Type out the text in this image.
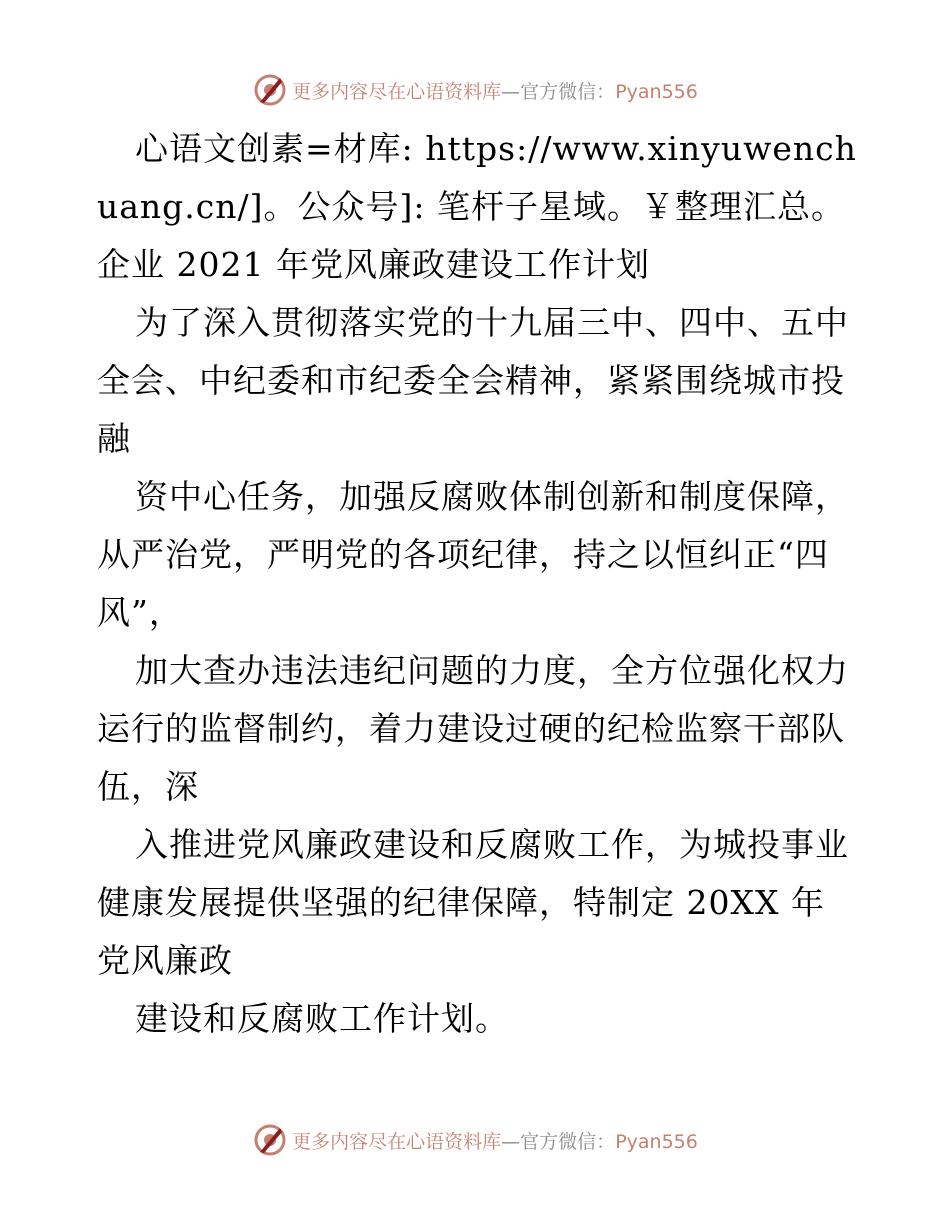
更多内容尽在心语资料库—官方微信：Pyan556

心语文创素=材库: https://www.xinyuwenchuang.cn/]。公众号]: 笔杆子星域。￥整理汇总。企业 2021 年党风廉政建设工作计划

为了深入贯彻落实党的十九届三中、四中、五中全会、中纪委和市纪委全会精神，紧紧围绕城市投融

资中心任务，加强反腐败体制创新和制度保障，从严治党，严明党的各项纪律，持之以恒纠正“四风”，

加大查办违法违纪问题的力度，全方位强化权力运行的监督制约，着力建设过硬的纪检监察干部队伍，深

入推进党风廉政建设和反腐败工作，为城投事业健康发展提供坚强的纪律保障，特制定 20XX 年党风廉政

建设和反腐败工作计划。

更多内容尽在心语资料库—官方微信：Pyan556
